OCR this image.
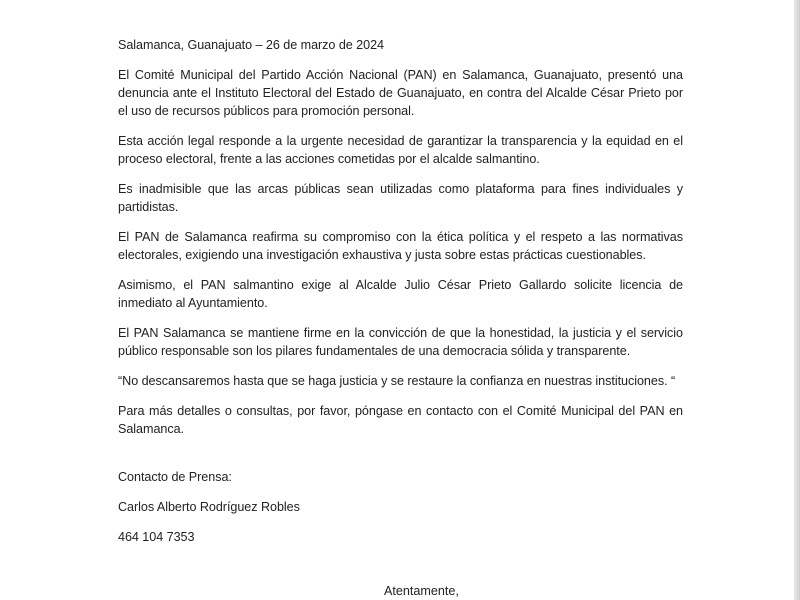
Salamanca, Guanajuato – 26 de marzo de 2024

El Comité Municipal del Partido Acción Nacional (PAN) en Salamanca, Guanajuato, presentó una denuncia ante el Instituto Electoral del Estado de Guanajuato, en contra del Alcalde César Prieto por el uso de recursos públicos para promoción personal.

Esta acción legal responde a la urgente necesidad de garantizar la transparencia y la equidad en el proceso electoral, frente a las acciones cometidas por el alcalde salmantino.

Es inadmisible que las arcas públicas sean utilizadas como plataforma para fines individuales y partidistas.

El PAN de Salamanca reafirma su compromiso con la ética política y el respeto a las normativas electorales, exigiendo una investigación exhaustiva y justa sobre estas prácticas cuestionables.

Asimismo, el PAN salmantino exige al Alcalde Julio César Prieto Gallardo solicite licencia de inmediato al Ayuntamiento.

El PAN Salamanca se mantiene firme en la convicción de que la honestidad, la justicia y el servicio público responsable son los pilares fundamentales de una democracia sólida y transparente.

“No descansaremos hasta que se haga justicia y se restaure la confianza en nuestras instituciones. “

Para más detalles o consultas, por favor, póngase en contacto con el Comité Municipal del PAN en Salamanca.

Contacto de Prensa:

Carlos Alberto Rodríguez Robles

464 104 7353

Atentamente,
